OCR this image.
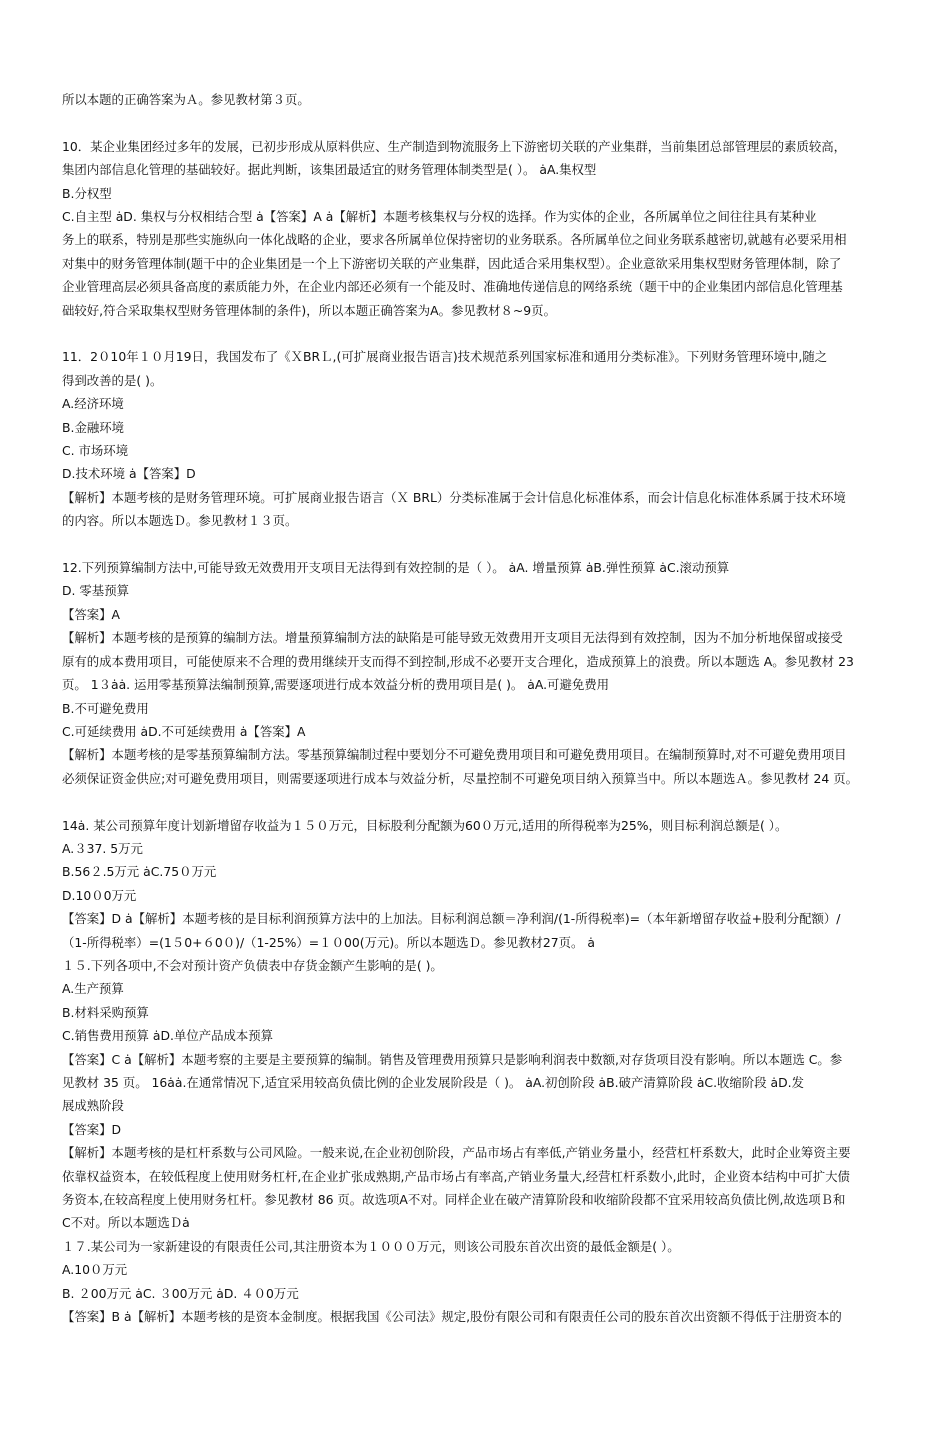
所以本题的正确答案为Ａ。参见教材第３页。
10．某企业集团经过多年的发展，已初步形成从原料供应、生产制造到物流服务上下游密切关联的产业集群，当前集团总部管理层的素质较高，
集团内部信息化管理的基础较好。据此判断，该集团最适宜的财务管理体制类型是( ）。 ȧA.集权型
B.分权型
C.自主型 ȧD. 集权与分权相结合型 ȧ【答案】A ȧ【解析】本题考核集权与分权的选择。作为实体的企业，各所属单位之间往往具有某种业
务上的联系，特别是那些实施纵向一体化战略的企业，要求各所属单位保持密切的业务联系。各所属单位之间业务联系越密切,就越有必要采用相
对集中的财务管理体制(题干中的企业集团是一个上下游密切关联的产业集群，因此适合采用集权型）。企业意欲采用集权型财务管理体制，除了
企业管理高层必须具备高度的素质能力外，在企业内部还必须有一个能及时、准确地传递信息的网络系统（题干中的企业集团内部信息化管理基
础较好,符合采取集权型财务管理体制的条件)，所以本题正确答案为A。参见教材８~9页。
11．2０10年１０月19日，我国发布了《ＸBRＬ,(可扩展商业报告语言)技术规范系列国家标准和通用分类标准》。下列财务管理环境中,随之
得到改善的是( )。
A.经济环境
B.金融环境
C. 市场环境
D.技术环境 ȧ【答案】D
【解析】本题考核的是财务管理环境。可扩展商业报告语言（Ｘ BRL）分类标准属于会计信息化标准体系，而会计信息化标准体系属于技术环境
的内容。所以本题选Ｄ。参见教材１３页。
12.下列预算编制方法中,可能导致无效费用开支项目无法得到有效控制的是（ ）。 ȧA. 增量预算 ȧB.弹性预算 ȧC.滚动预算
D. 零基预算
【答案】A
【解析】本题考核的是预算的编制方法。增量预算编制方法的缺陷是可能导致无效费用开支项目无法得到有效控制，因为不加分析地保留或接受
原有的成本费用项目，可能使原来不合理的费用继续开支而得不到控制,形成不必要开支合理化，造成预算上的浪费。所以本题选 A。参见教材 23
页。 1３ȧȧ. 运用零基预算法编制预算,需要逐项进行成本效益分析的费用项目是( )。 ȧA.可避免费用
B.不可避免费用
C.可延续费用 ȧD.不可延续费用 ȧ【答案】A
【解析】本题考核的是零基预算编制方法。零基预算编制过程中要划分不可避免费用项目和可避免费用项目。在编制预算时,对不可避免费用项目
必须保证资金供应;对可避免费用项目，则需要逐项进行成本与效益分析，尽量控制不可避免项目纳入预算当中。所以本题选Ａ。参见教材 24 页。
14ȧ. 某公司预算年度计划新增留存收益为１５０万元，目标股利分配额为60０万元,适用的所得税率为25%，则目标利润总额是( ）。
A.３37. 5万元
B.56２.5万元 ȧC.75０万元
D.10０0万元
【答案】D ȧ【解析】本题考核的是目标利润预算方法中的上加法。目标利润总额＝净利润/(1-所得税率)=（本年新增留存收益+股利分配额）/
（1-所得税率）=(1５0+６0０)/（1-25%）=１０00(万元)。所以本题选Ｄ。参见教材27页。 ȧ
１５.下列各项中,不会对预计资产负债表中存货金额产生影响的是( )。
A.生产预算
B.材料采购预算
C.销售费用预算 ȧD.单位产品成本预算
【答案】C ȧ【解析】本题考察的主要是主要预算的编制。销售及管理费用预算只是影响利润表中数额,对存货项目没有影响。所以本题选 C。参
见教材 35 页。 16ȧȧ.在通常情况下,适宜采用较高负债比例的企业发展阶段是（ )。 ȧA.初创阶段 ȧB.破产清算阶段 ȧC.收缩阶段 ȧD.发
展成熟阶段
【答案】D
【解析】本题考核的是杠杆系数与公司风险。一般来说,在企业初创阶段，产品市场占有率低,产销业务量小，经营杠杆系数大，此时企业筹资主要
依靠权益资本，在较低程度上使用财务杠杆,在企业扩张成熟期,产品市场占有率高,产销业务量大,经营杠杆系数小,此时，企业资本结构中可扩大债
务资本,在较高程度上使用财务杠杆。参见教材 86 页。故选项A不对。同样企业在破产清算阶段和收缩阶段都不宜采用较高负债比例,故选项Ｂ和
C不对。所以本题选Ｄȧ
１７.某公司为一家新建设的有限责任公司,其注册资本为１０００万元，则该公司股东首次出资的最低金额是( ）。
A.10０万元
B. ２00万元 ȧC. ３00万元 ȧD. ４０0万元
【答案】B ȧ【解析】本题考核的是资本金制度。根据我国《公司法》规定,股份有限公司和有限责任公司的股东首次出资额不得低于注册资本的
